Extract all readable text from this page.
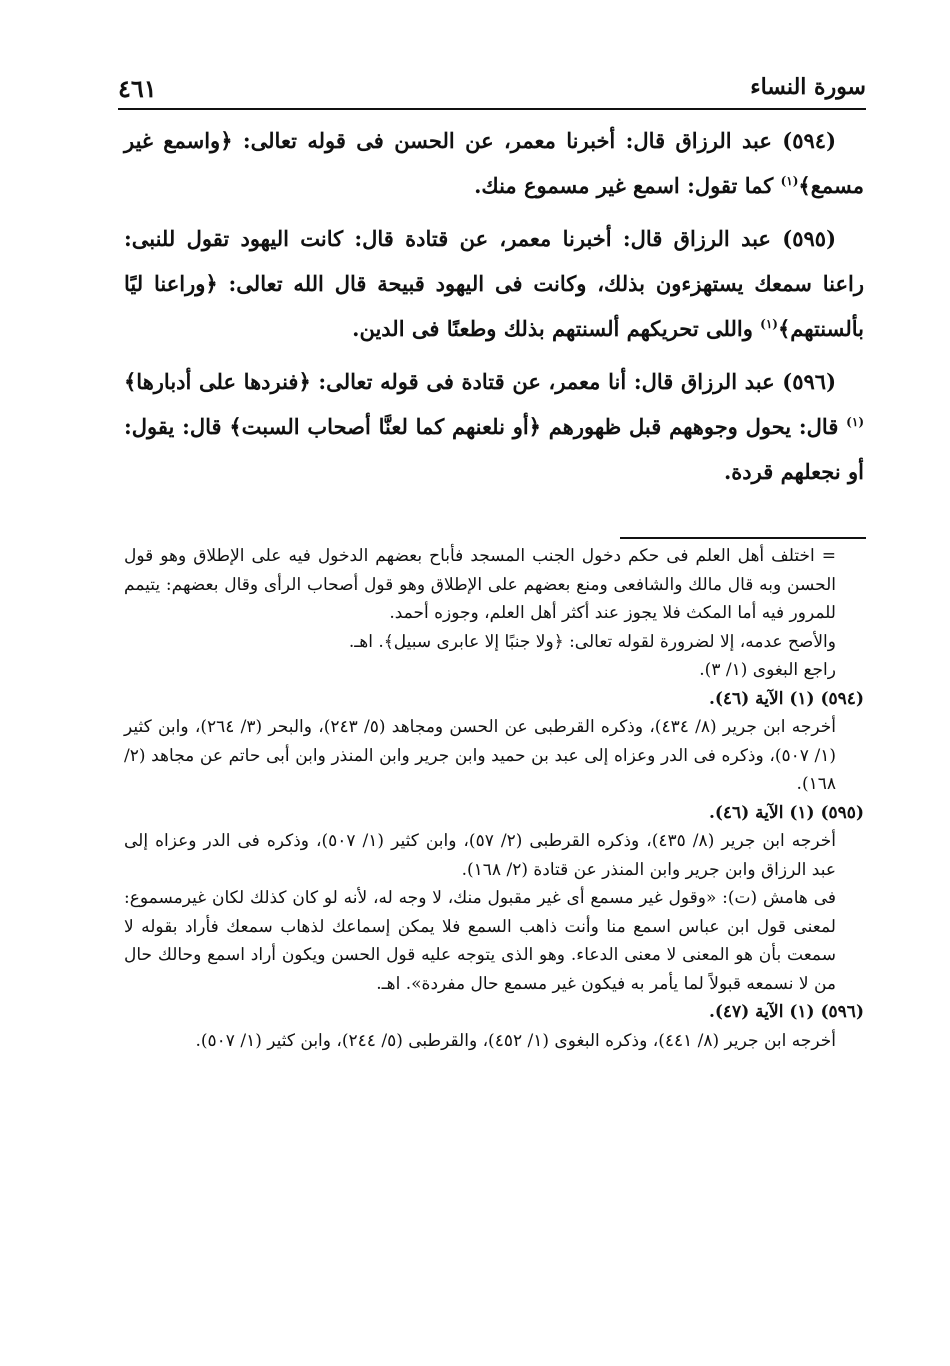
سورة النساء
٤٦١

(٥٩٤) عبد الرزاق قال: أخبرنا معمر، عن الحسن فى قوله تعالى: ﴿واسمع غير مسمع﴾$^{(١)}$ كما تقول: اسمع غير مسموع منك.

(٥٩٥) عبد الرزاق قال: أخبرنا معمر، عن قتادة قال: كانت اليهود تقول للنبى: راعنا سمعك يستهزءون بذلك، وكانت فى اليهود قبيحة قال الله تعالى: ﴿وراعنا ليًا بألسنتهم﴾$^{(١)}$ واللى تحريكهم ألسنتهم بذلك وطعنًا فى الدين.

(٥٩٦) عبد الرزاق قال: أنا معمر، عن قتادة فى قوله تعالى: ﴿فنردها على أدبارها﴾$^{(١)}$ قال: يحول وجوههم قبل ظهورهم ﴿أو نلعنهم كما لعنَّا أصحاب السبت﴾ قال: يقول: أو نجعلهم قردة.

= اختلف أهل العلم فى حكم دخول الجنب المسجد فأباح بعضهم الدخول فيه على الإطلاق وهو قول الحسن وبه قال مالك والشافعى ومنع بعضهم على الإطلاق وهو قول أصحاب الرأى وقال بعضهم: يتيمم للمرور فيه أما المكث فلا يجوز عند أكثر أهل العلم، وجوزه أحمد.

والأصح عدمه، إلا لضرورة لقوله تعالى: ﴿ولا جنبًا إلا عابرى سبيل﴾. اهـ.

راجع البغوى (١/ ٣).

(٥٩٤) (١) الآية (٤٦).

أخرجه ابن جرير (٨/ ٤٣٤)، وذكره القرطبى عن الحسن ومجاهد (٥/ ٢٤٣)، والبحر (٣/ ٢٦٤)، وابن كثير (١/ ٥٠٧)، وذكره فى الدر وعزاه إلى عبد بن حميد وابن جرير وابن المنذر وابن أبى حاتم عن مجاهد (٢/ ١٦٨).

(٥٩٥) (١) الآية (٤٦).

أخرجه ابن جرير (٨/ ٤٣٥)، وذكره القرطبى (٢/ ٥٧)، وابن كثير (١/ ٥٠٧)، وذكره فى الدر وعزاه إلى عبد الرزاق وابن جرير وابن المنذر عن قتادة (٢/ ١٦٨).

فى هامش (ت): «وقول غير مسمع أى غير مقبول منك، لا وجه له، لأنه لو كان كذلك لكان غيرمسموع: لمعنى قول ابن عباس اسمع منا وأنت ذاهب السمع فلا يمكن إسماعك لذهاب سمعك فأراد بقوله لا سمعت بأن هو المعنى لا معنى الدعاء. وهو الذى يتوجه عليه قول الحسن ويكون أراد اسمع وحالك حال من لا نسمعه قبولاً لما يأمر به فيكون غير مسمع حال مفردة». اهـ.

(٥٩٦) (١) الآية (٤٧).

أخرجه ابن جرير (٨/ ٤٤١)، وذكره البغوى (١/ ٤٥٢)، والقرطبى (٥/ ٢٤٤)، وابن كثير (١/ ٥٠٧).
